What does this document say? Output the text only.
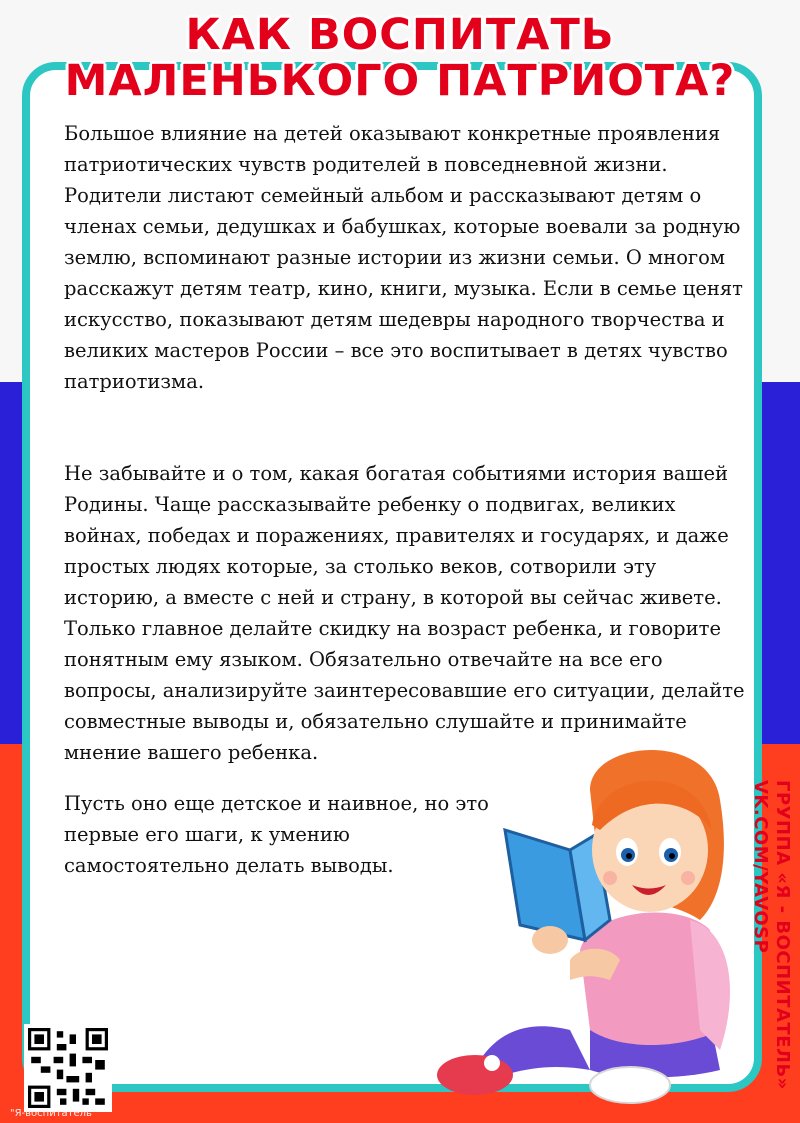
КАК ВОСПИТАТЬ
МАЛЕНЬКОГО ПАТРИОТА?

Большое влияние на детей оказывают конкретные проявления патриотических чувств родителей в повседневной жизни. Родители листают семейный альбом и рассказывают детям о членах семьи, дедушках и бабушках, которые воевали за родную землю, вспоминают разные истории из жизни семьи. О многом расскажут детям театр, кино, книги, музыка. Если в семье ценят искусство, показывают детям шедевры народного творчества и великих мастеров России – все это воспитывает в детях чувство патриотизма.

Не забывайте и о том, какая богатая событиями история вашей Родины. Чаще рассказывайте ребенку о подвигах, великих войнах, победах и поражениях, правителях и государях, и даже простых людях которые, за столько веков, сотворили эту историю, а вместе с ней и страну, в которой вы сейчас живете. Только главное делайте скидку на возраст ребенка, и говорите понятным ему языком. Обязательно отвечайте на все его вопросы, анализируйте заинтересовавшие его ситуации, делайте совместные выводы и, обязательно слушайте и принимайте мнение вашего ребенка.

Пусть оно еще детское и наивное, но это первые его шаги, к умению самостоятельно делать выводы.	ГРУППА «Я - ВОСПИТАТЕЛЬ»
VK.COM/YAVOSP
"Я-воспитатель"
